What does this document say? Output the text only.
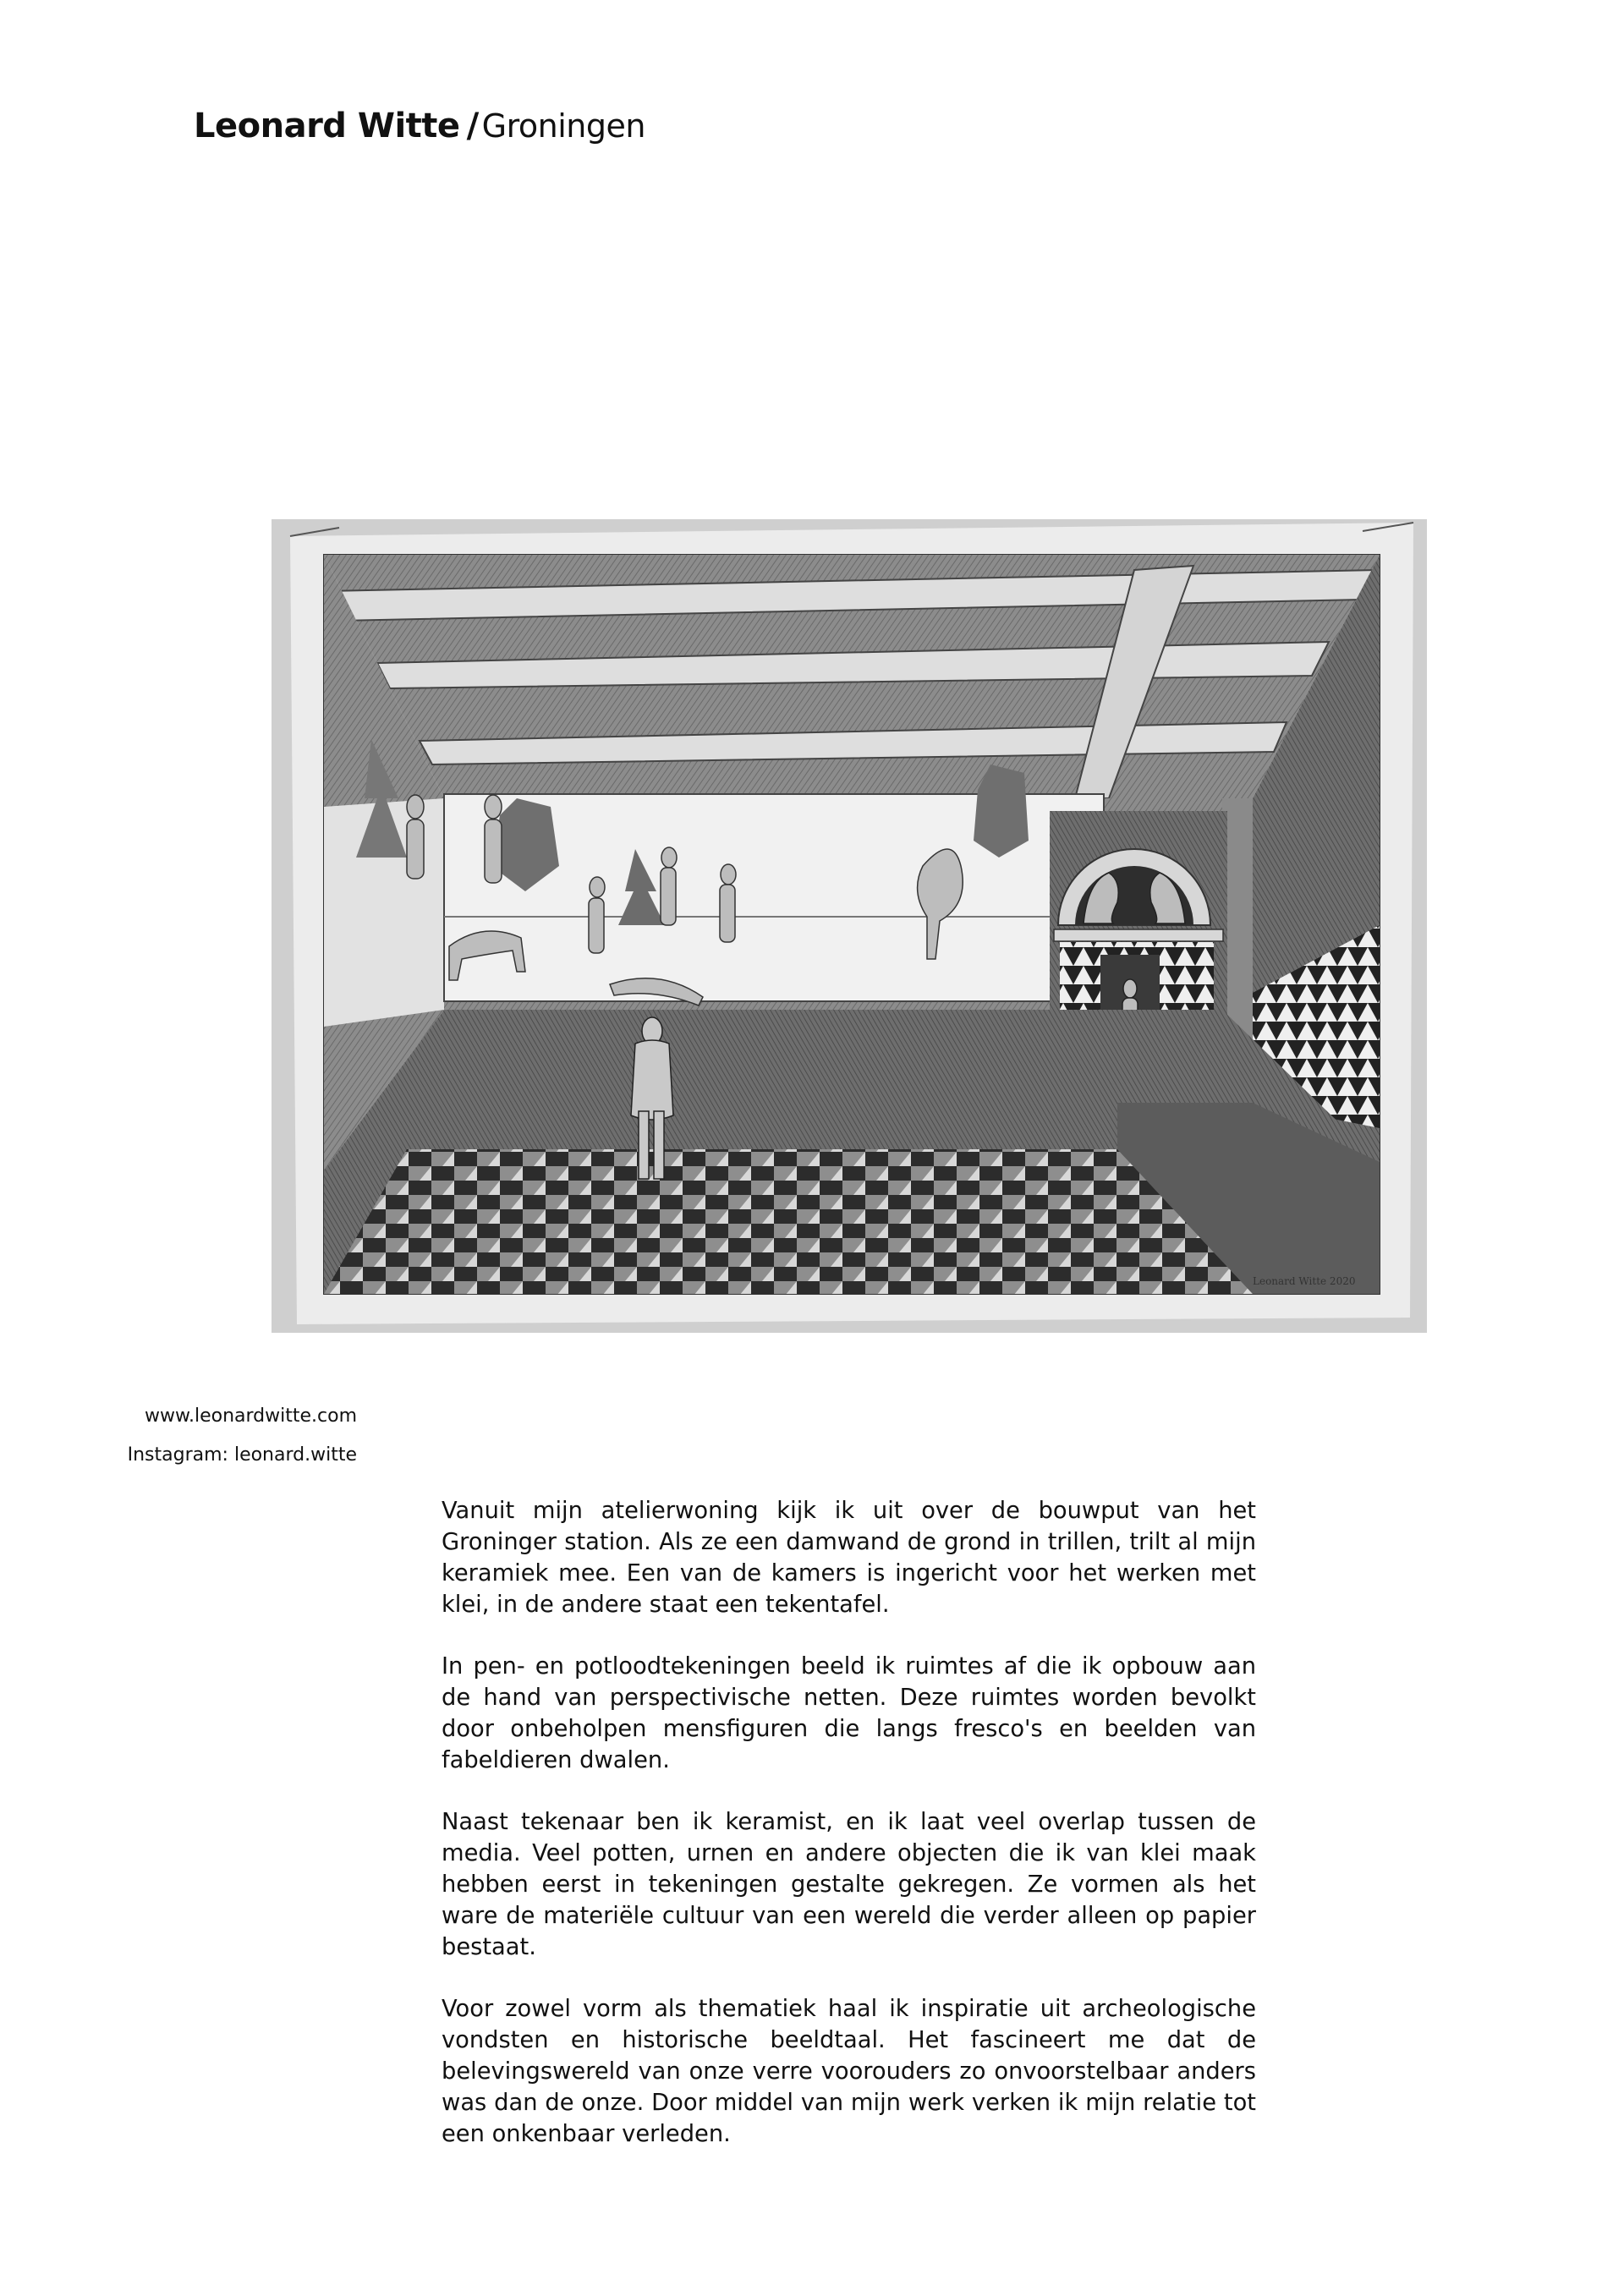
Leonard Witte / Groningen
Leonard Witte 2020
www.leonardwitte.com
Instagram: leonard.witte

Vanuit mijn atelierwoning kijk ik uit over de bouwput van het Groninger station. Als ze een damwand de grond in trillen, trilt al mijn keramiek mee. Een van de kamers is ingericht voor het werken met klei, in de andere staat een tekentafel.

In pen- en potloodtekeningen beeld ik ruimtes af die ik opbouw aan de hand van perspectivische netten. Deze ruimtes worden bevolkt door onbeholpen mensfiguren die langs fresco's en beelden van fabeldieren dwalen.

Naast tekenaar ben ik keramist, en ik laat veel overlap tussen de media. Veel potten, urnen en andere objecten die ik van klei maak hebben eerst in tekeningen gestalte gekregen. Ze vormen als het ware de materiële cultuur van een wereld die verder alleen op papier bestaat.

Voor zowel vorm als thematiek haal ik inspiratie uit archeologische vondsten en historische beeldtaal. Het fascineert me dat de belevingswereld van onze verre voorouders zo onvoorstelbaar anders was dan de onze. Door middel van mijn werk verken ik mijn relatie tot een onkenbaar verleden.
